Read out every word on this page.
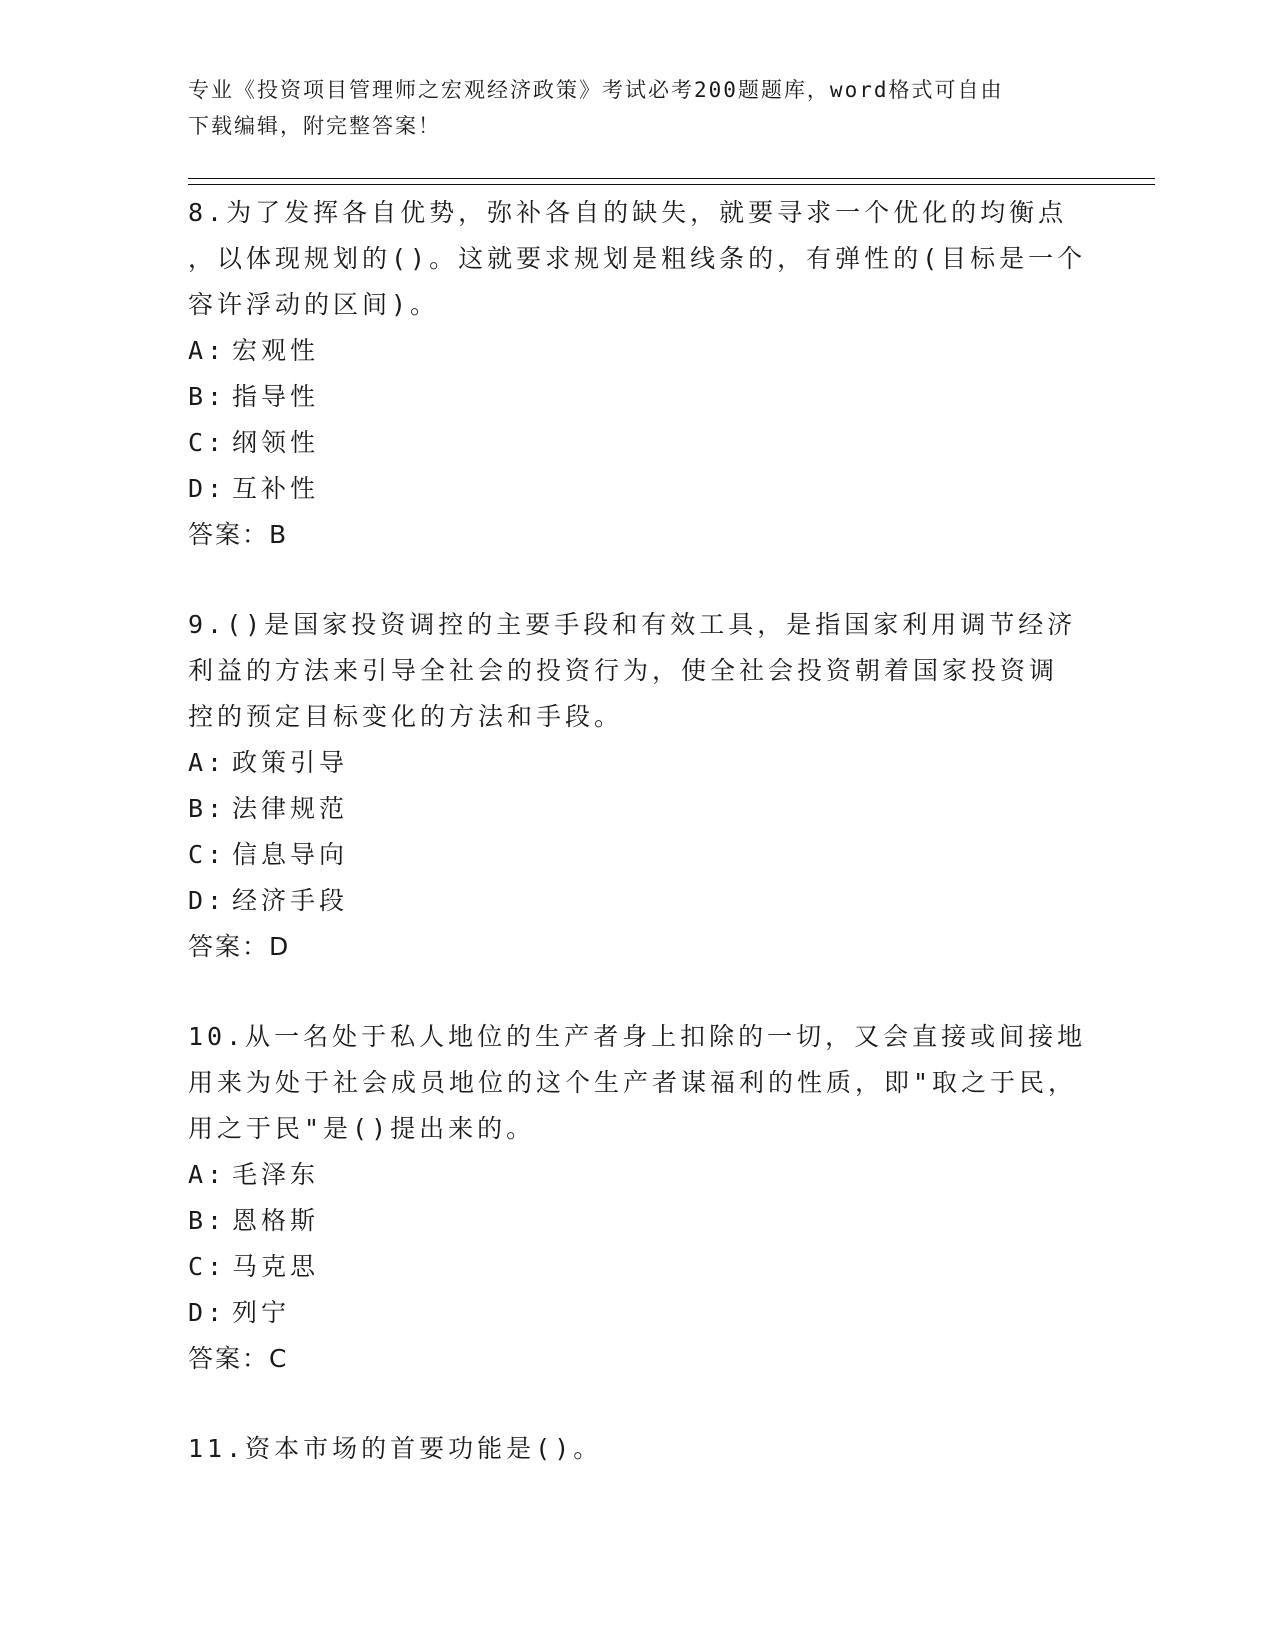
专业《投资项目管理师之宏观经济政策》考试必考200题题库，word格式可自由
下载编辑，附完整答案！

8.为了发挥各自优势，弥补各自的缺失，就要寻求一个优化的均衡点

，以体现规划的()。这就要求规划是粗线条的，有弹性的(目标是一个

容许浮动的区间)。

A: 宏观性

B: 指导性

C: 纲领性

D: 互补性

答案：B

9.()是国家投资调控的主要手段和有效工具，是指国家利用调节经济

利益的方法来引导全社会的投资行为，使全社会投资朝着国家投资调

控的预定目标变化的方法和手段。

A: 政策引导

B: 法律规范

C: 信息导向

D: 经济手段

答案：D

10.从一名处于私人地位的生产者身上扣除的一切，又会直接或间接地

用来为处于社会成员地位的这个生产者谋福利的性质，即"取之于民，

用之于民"是()提出来的。

A: 毛泽东

B: 恩格斯

C: 马克思

D: 列宁

答案：C

11.资本市场的首要功能是()。
